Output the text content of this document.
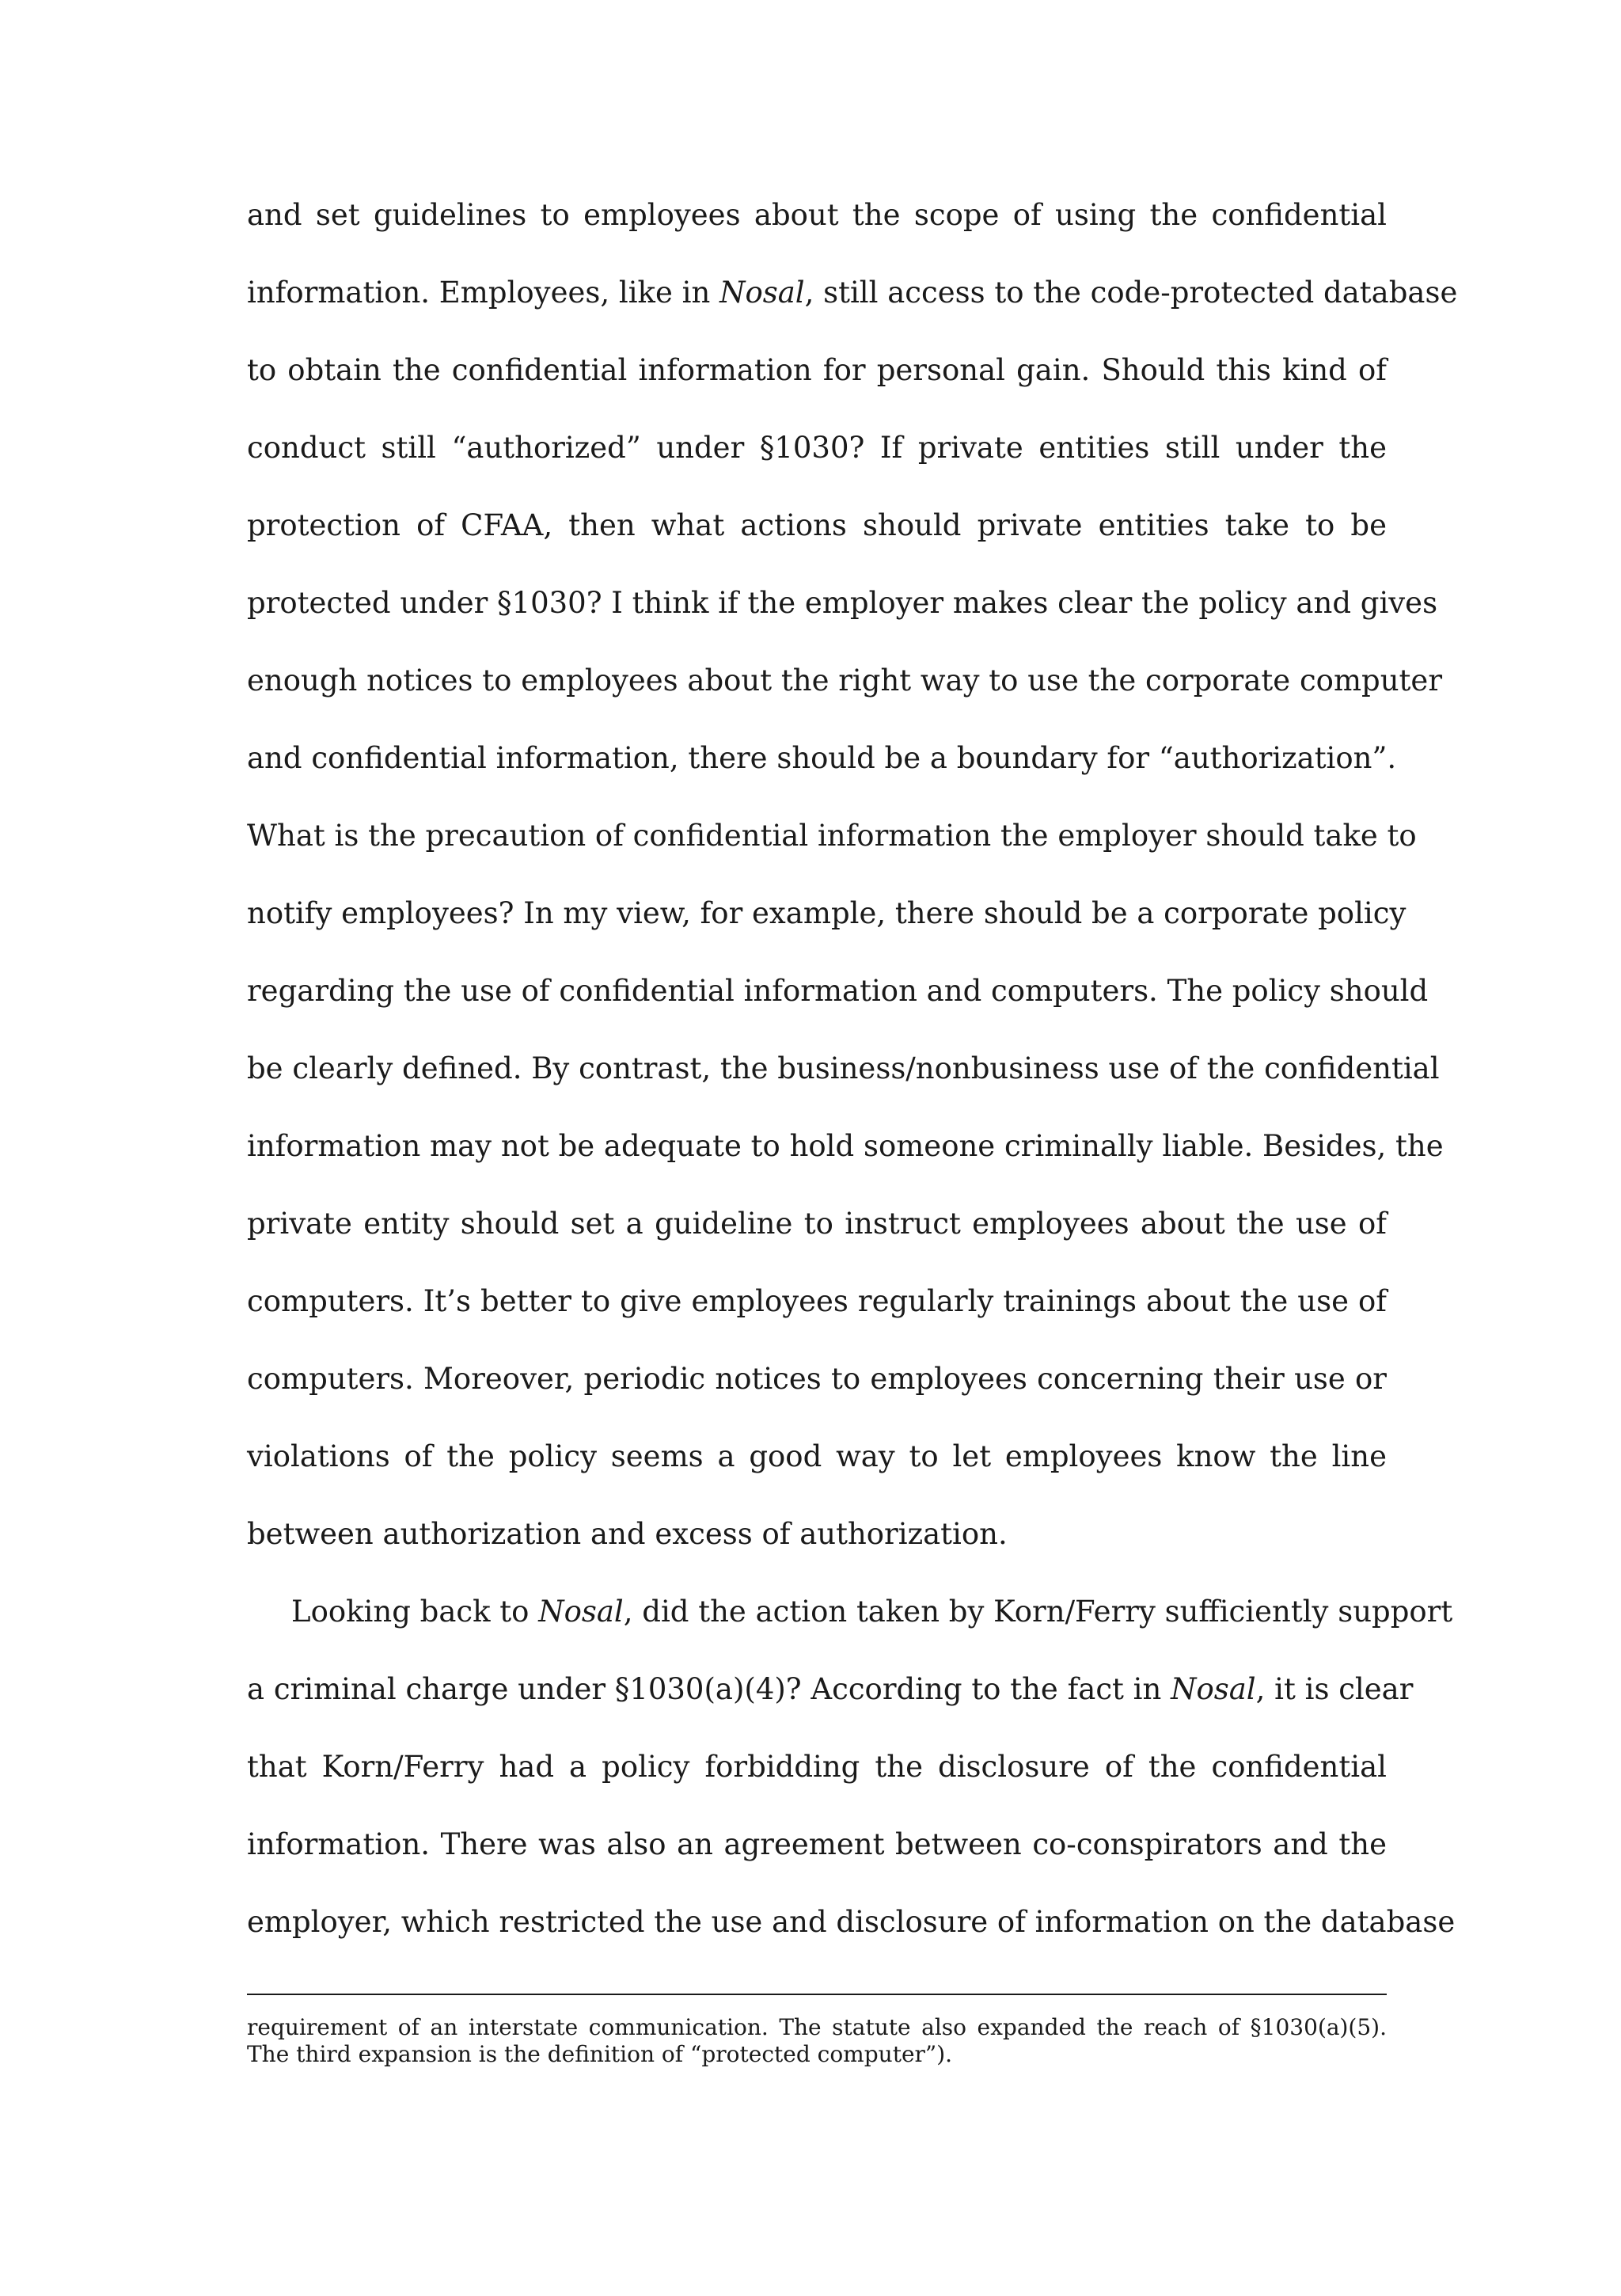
and set guidelines to employees about the scope of using the confidential
information. Employees, like in Nosal, still access to the code-protected database
to obtain the confidential information for personal gain. Should this kind of
conduct still “authorized” under §1030? If private entities still under the
protection of CFAA, then what actions should private entities take to be
protected under §1030? I think if the employer makes clear the policy and gives
enough notices to employees about the right way to use the corporate computer
and confidential information, there should be a boundary for “authorization”.
What is the precaution of confidential information the employer should take to
notify employees? In my view, for example, there should be a corporate policy
regarding the use of confidential information and computers. The policy should
be clearly defined. By contrast, the business/nonbusiness use of the confidential
information may not be adequate to hold someone criminally liable. Besides, the
private entity should set a guideline to instruct employees about the use of
computers. It’s better to give employees regularly trainings about the use of
computers. Moreover, periodic notices to employees concerning their use or
violations of the policy seems a good way to let employees know the line
between authorization and excess of authorization.
Looking back to Nosal, did the action taken by Korn/Ferry sufficiently support
a criminal charge under §1030(a)(4)? According to the fact in Nosal, it is clear
that Korn/Ferry had a policy forbidding the disclosure of the confidential
information. There was also an agreement between co-conspirators and the
employer, which restricted the use and disclosure of information on the database
requirement of an interstate communication. The statute also expanded the reach of §1030(a)(5).
The third expansion is the definition of “protected computer”).
